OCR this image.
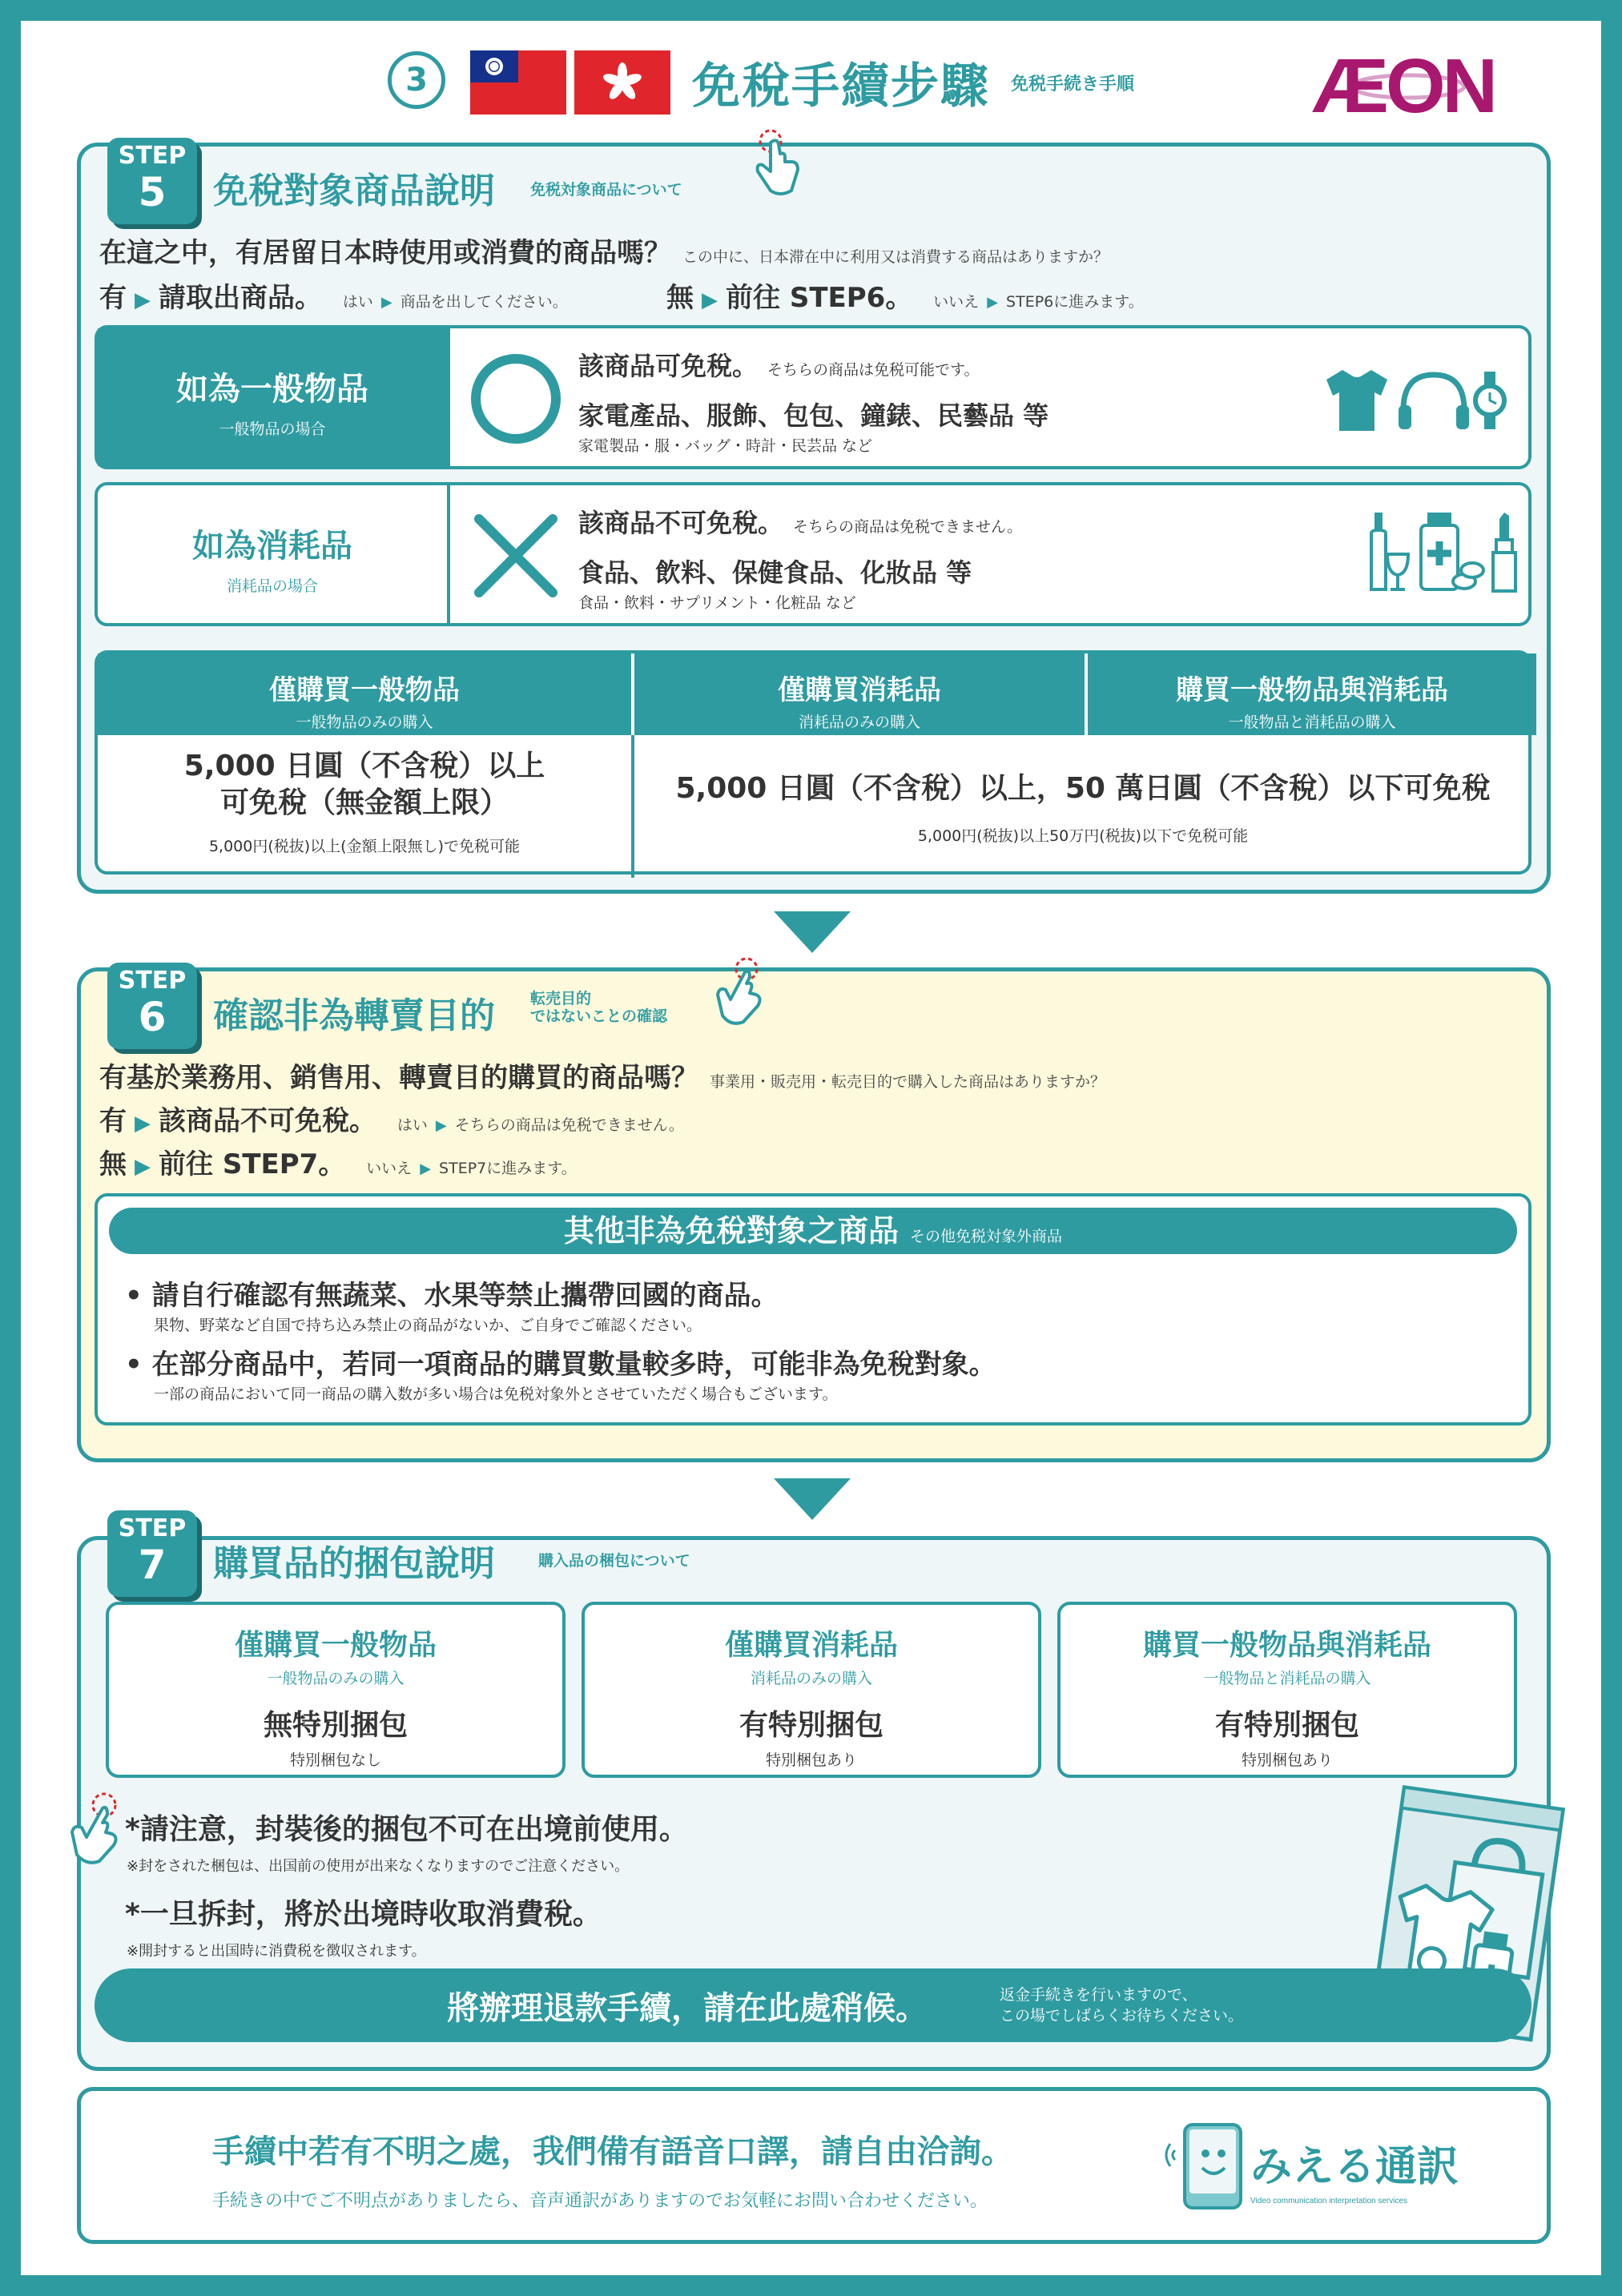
3	免稅手續步驟 免税手続き手順 ÆON
STEP
5	免稅對象商品說明 免税対象商品について
在這之中，有居留日本時使用或消費的商品嗎？ この中に、日本滞在中に利用又は消費する商品はありますか？
有 ▶ 請取出商品。 はい ▶ 商品を出してください。	無 ▶ 前往 STEP6。 いいえ ▶ STEP6に進みます。
如為一般物品
一般物品の場合
該商品可免稅。 そちらの商品は免税可能です。
家電產品、服飾、包包、鐘錶、民藝品 等
家電製品・服・バッグ・時計・民芸品 など
如為消耗品
消耗品の場合
該商品不可免稅。 そちらの商品は免税できません。
食品、飲料、保健食品、化妝品 等
食品・飲料・サプリメント・化粧品 など
僅購買一般物品
一般物品のみの購入
僅購買消耗品
消耗品のみの購入
購買一般物品與消耗品
一般物品と消耗品の購入
5,000 日圓（不含稅）以上
可免稅（無金額上限）
5,000円(税抜)以上(金額上限無し)で免税可能
5,000 日圓（不含稅）以上，50 萬日圓（不含稅）以下可免稅
5,000円(税抜)以上50万円(税抜)以下で免税可能
STEP
6	確認非為轉賣目的 転売目的
ではないことの確認
有基於業務用、銷售用、轉賣目的購買的商品嗎？ 事業用・販売用・転売目的で購入した商品はありますか？
有 ▶ 該商品不可免稅。 はい ▶ そちらの商品は免税できません。
無 ▶ 前往 STEP7。 いいえ ▶ STEP7に進みます。
其他非為免稅對象之商品 その他免税対象外商品
• 請自行確認有無蔬菜、水果等禁止攜帶回國的商品。
果物、野菜など自国で持ち込み禁止の商品がないか、ご自身でご確認ください。
• 在部分商品中，若同一項商品的購買數量較多時，可能非為免稅對象。
一部の商品において同一商品の購入数が多い場合は免税対象外とさせていただく場合もございます。
STEP
7	購買品的捆包說明	購入品の梱包について
僅購買一般物品
一般物品のみの購入
無特別捆包
特別梱包なし
僅購買消耗品
消耗品のみの購入
有特別捆包
特別梱包あり
購買一般物品與消耗品
一般物品と消耗品の購入
有特別捆包
特別梱包あり
*請注意，封裝後的捆包不可在出境前使用。
※封をされた梱包は、出国前の使用が出来なくなりますのでご注意ください。
*一旦拆封，將於出境時收取消費稅。
※開封すると出国時に消費税を徴収されます。
將辦理退款手續，請在此處稍候。	返金手続きを行いますので、
この場でしばらくお待ちください。
手續中若有不明之處，我們備有語音口譯，請自由洽詢。
手続きの中でご不明点がありましたら、音声通訳がありますのでお気軽にお問い合わせください。
みえる通訳
Video communication interpretation services
